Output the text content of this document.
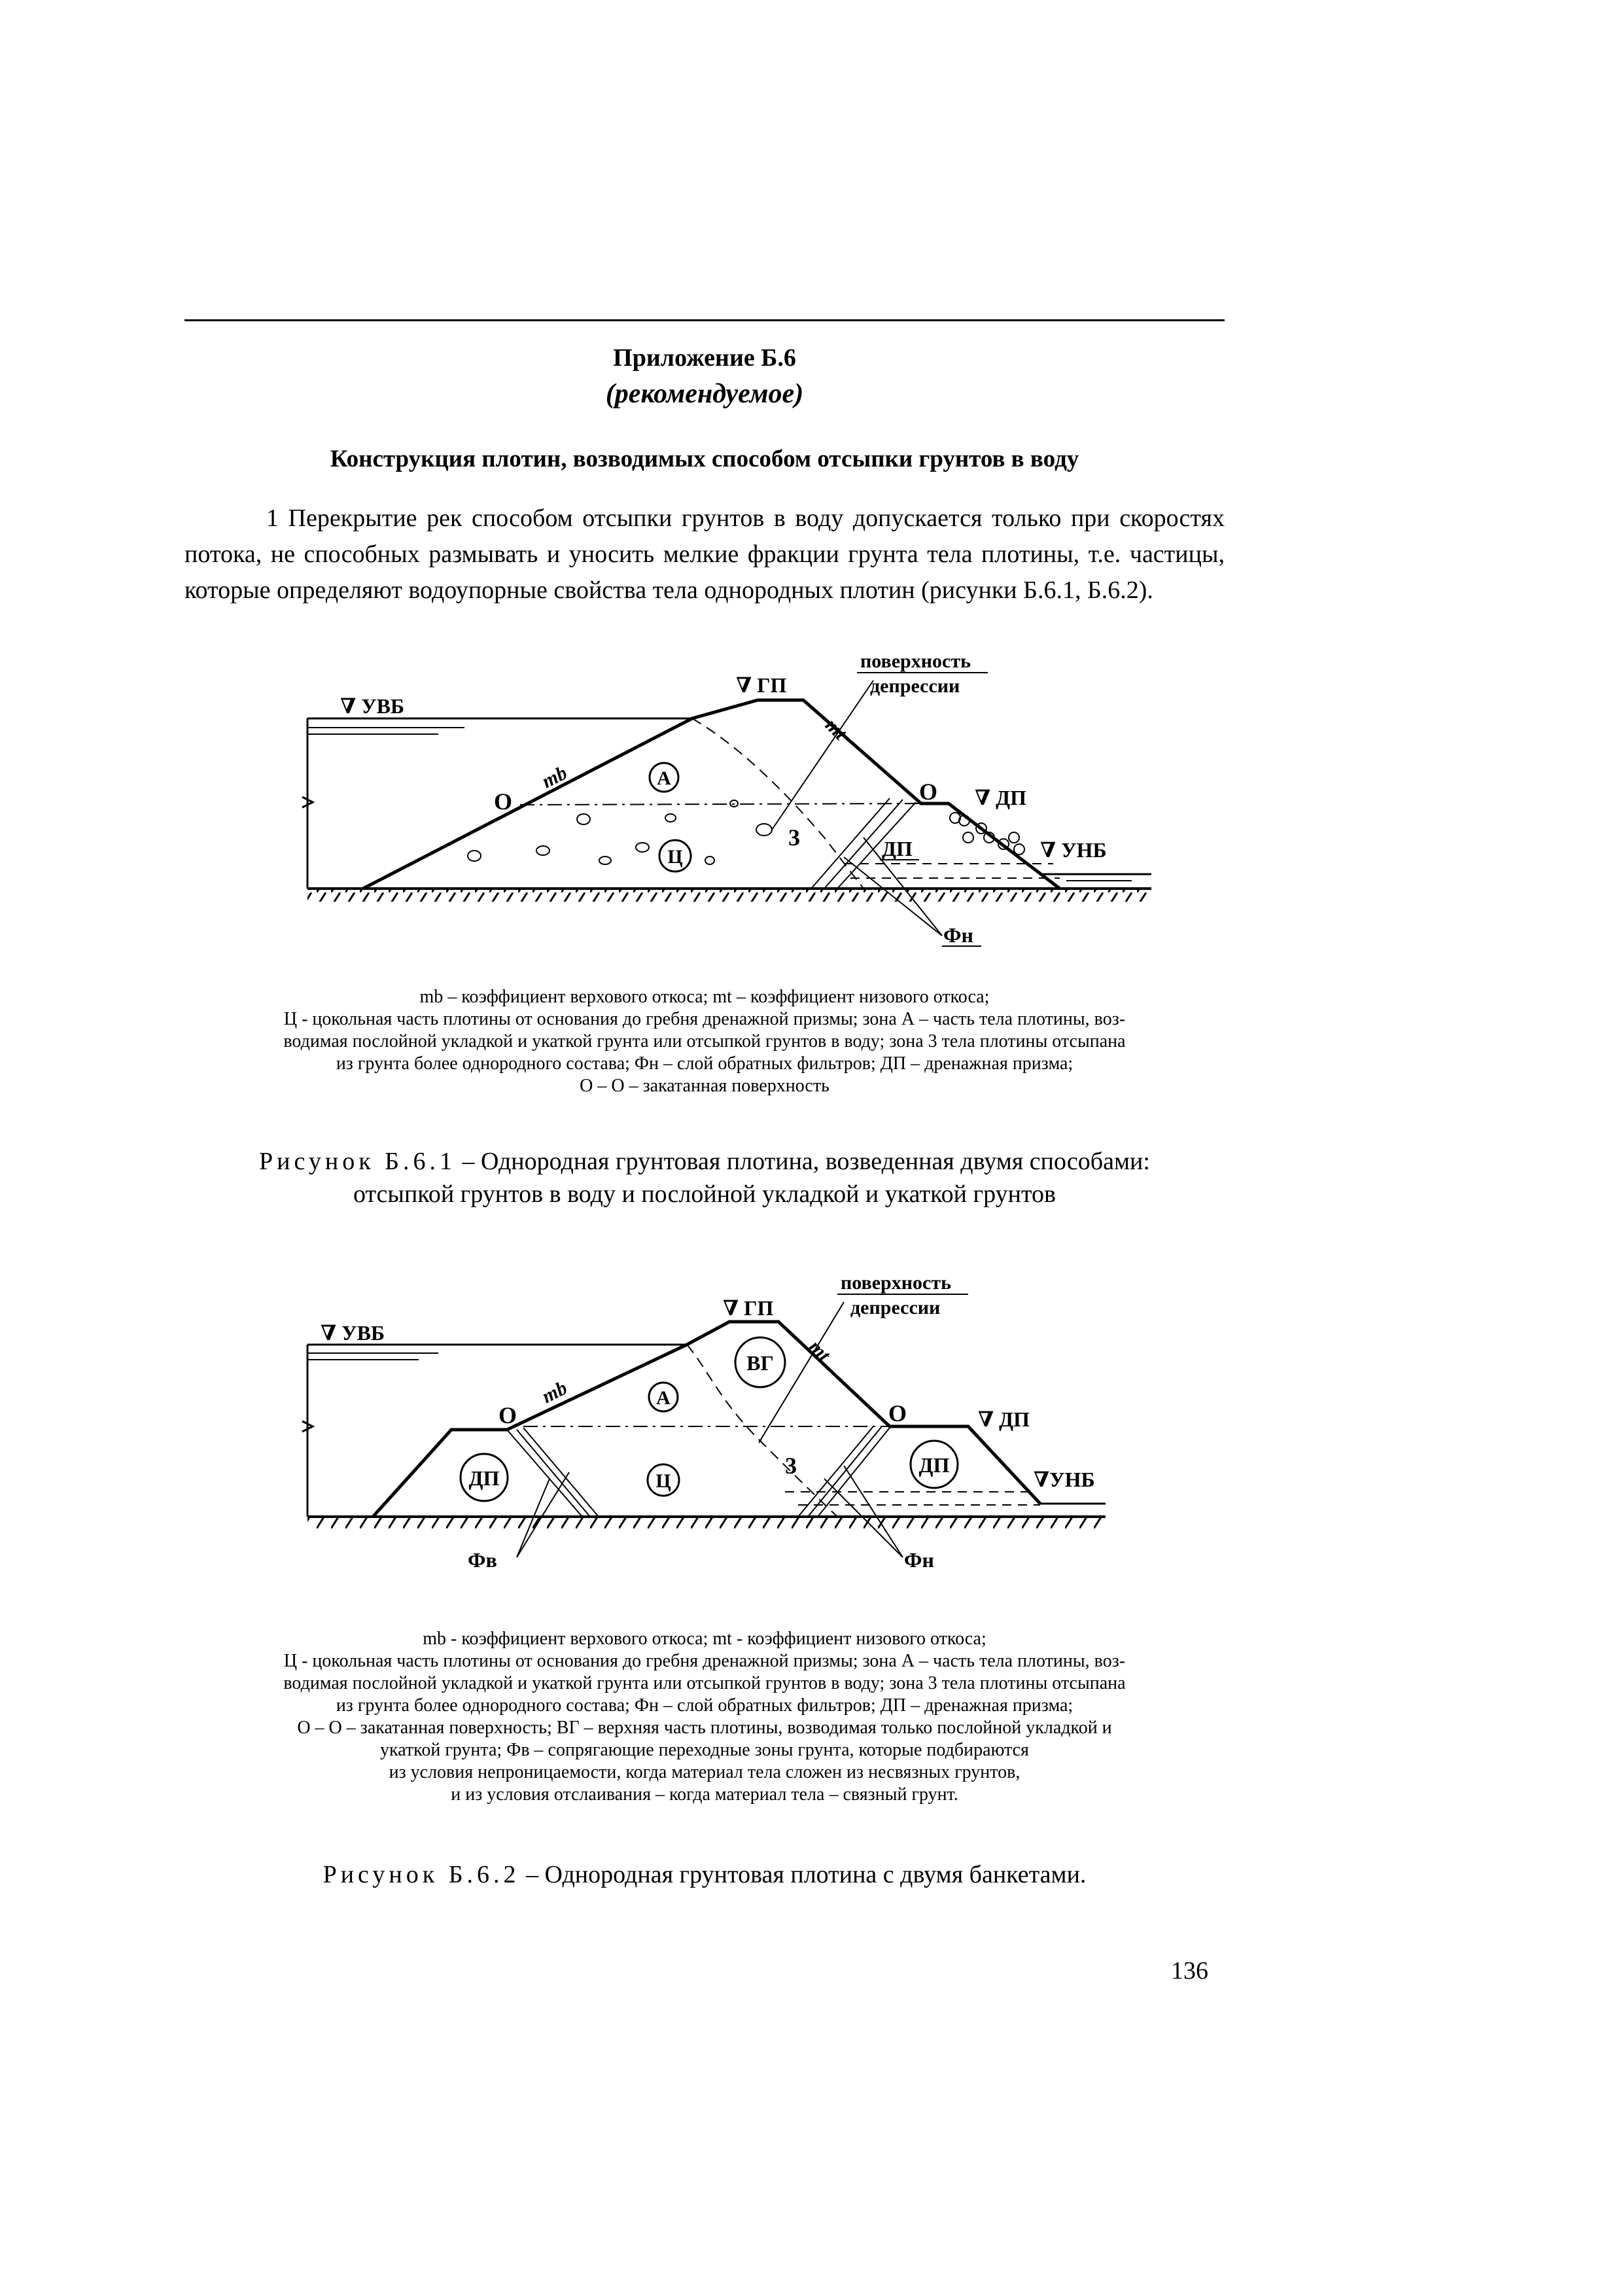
Приложение Б.6
(рекомендуемое)
Конструкция плотин, возводимых способом отсыпки грунтов в воду
1 Перекрытие рек способом отсыпки грунтов в воду допускается только при скоростях потока, не способных размывать и уносить мелкие фракции грунта тела плотины, т.е. частицы, которые определяют водоупорные свойства тела однородных плотин (рисунки Б.6.1, Б.6.2).
∇ УВБ
∇ ГП
поверхность
депрессии
mb
mt
О	О
А
Ц
3
∇ ДП
ДП	∇ УНБ
Фн
mb – коэффициент верхового откоса; mt – коэффициент низового откоса;
Ц - цокольная часть плотины от основания до гребня дренажной призмы; зона А – часть тела плотины, воз-
водимая послойной укладкой и укаткой грунта или отсыпкой грунтов в воду; зона 3 тела плотины отсыпана
из грунта более однородного состава; Фн – слой обратных фильтров; ДП – дренажная призма;
О – О – закатанная поверхность
Рисунок Б.6.1 – Однородная грунтовая плотина, возведенная двумя способами:
отсыпкой грунтов в воду и послойной укладкой и укаткой грунтов
∇ УВБ
∇ ГП
поверхность
депрессии
mb
mt
ВГ
А
Ц
3
О	О	∇ ДП
ДП
ДП
∇УНБ
Фв	Фн
mb - коэффициент верхового откоса; mt - коэффициент низового откоса;
Ц - цокольная часть плотины от основания до гребня дренажной призмы; зона А – часть тела плотины, воз-
водимая послойной укладкой и укаткой грунта или отсыпкой грунтов в воду; зона 3 тела плотины отсыпана
из грунта более однородного состава; Фн – слой обратных фильтров; ДП – дренажная призма;
О – О – закатанная поверхность; ВГ – верхняя часть плотины, возводимая только послойной укладкой и
укаткой грунта; Фв – сопрягающие переходные зоны грунта, которые подбираются
из условия непроницаемости, когда материал тела сложен из несвязных грунтов,
и из условия отслаивания – когда материал тела – связный грунт.
Рисунок Б.6.2 – Однородная грунтовая плотина с двумя банкетами.
136
